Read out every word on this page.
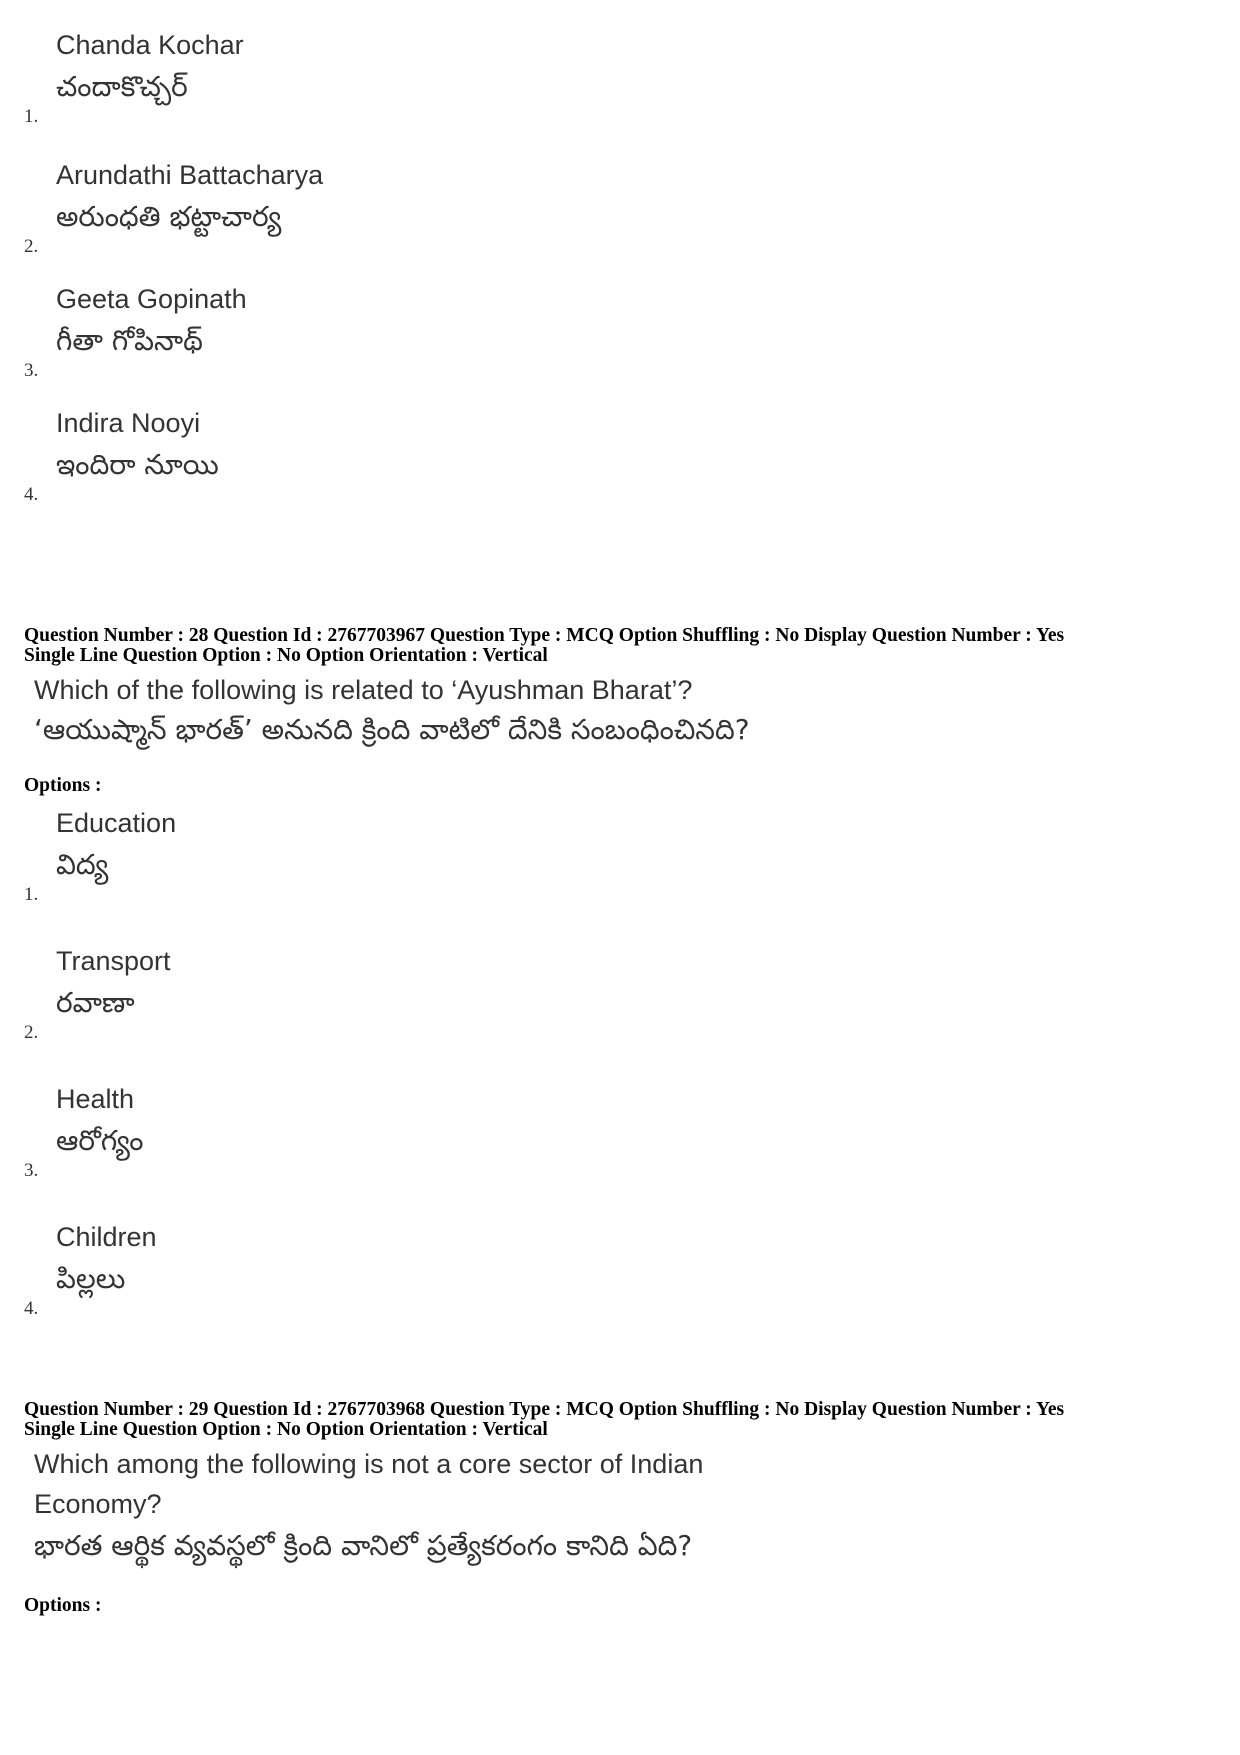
Chanda Kochar
చందాకొచ్చర్
1.
Arundathi Battacharya
అరుంధతి భట్టాచార్య
2.
Geeta Gopinath
గీతా గోపినాథ్
3.
Indira Nooyi
ఇందిరా నూయి
4.
Question Number : 28 Question Id : 2767703967 Question Type : MCQ Option Shuffling : No Display Question Number : Yes
Single Line Question Option : No Option Orientation : Vertical
Which of the following is related to ‘Ayushman Bharat’?
‘ఆయుష్మాన్ భారత్’ అనునది క్రింది వాటిలో దేనికి సంబంధించినది?
Options :
Education
విద్య
1.
Transport
రవాణా
2.
Health
ఆరోగ్యం
3.
Children
పిల్లలు
4.
Question Number : 29 Question Id : 2767703968 Question Type : MCQ Option Shuffling : No Display Question Number : Yes
Single Line Question Option : No Option Orientation : Vertical
Which among the following is not a core sector of Indian
Economy?
భారత ఆర్థిక వ్యవస్థలో క్రింది వానిలో ప్రత్యేకరంగం కానిది ఏది?
Options :
